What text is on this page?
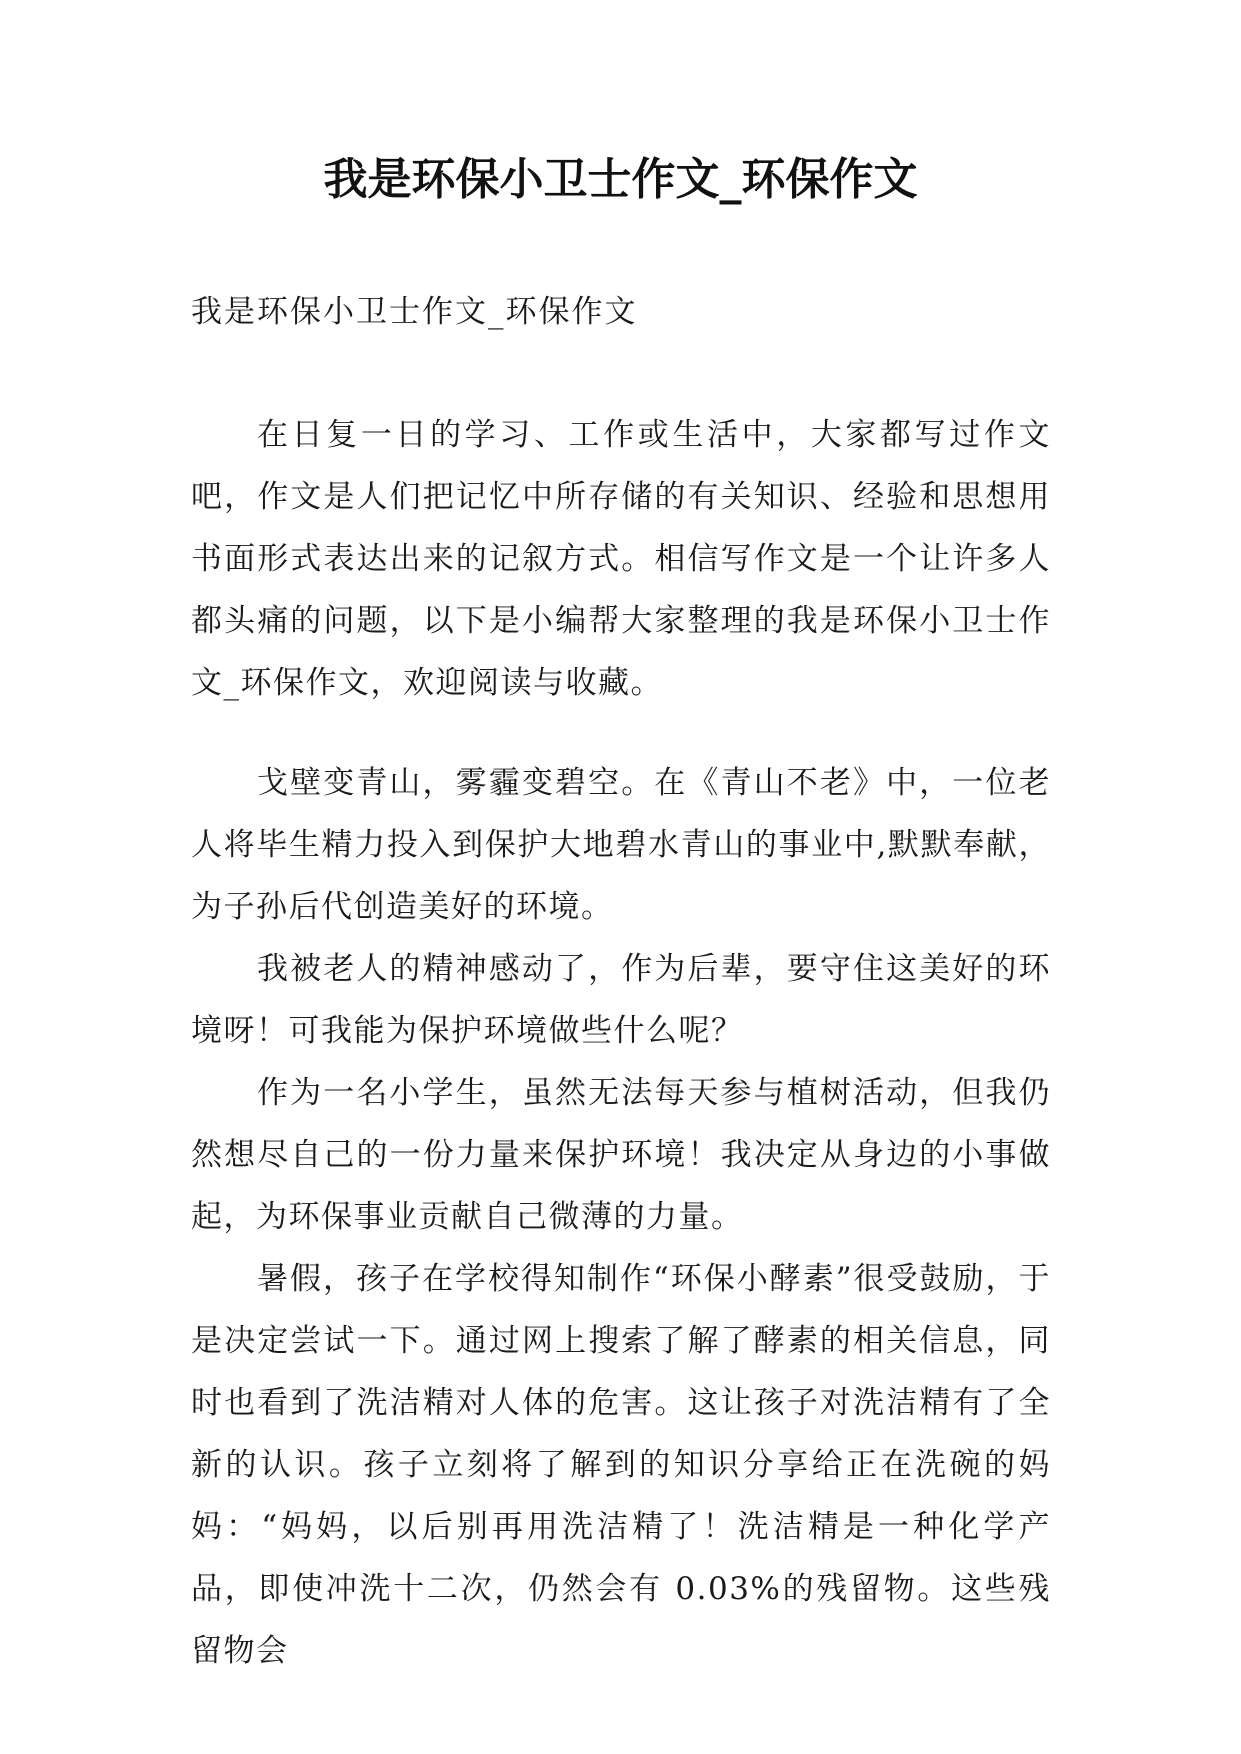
我是环保小卫士作文_环保作文
我是环保小卫士作文_环保作文
在日复一日的学习、工作或生活中，大家都写过作文吧，作文是人们把记忆中所存储的有关知识、经验和思想用书面形式表达出来的记叙方式。相信写作文是一个让许多人都头痛的问题，以下是小编帮大家整理的我是环保小卫士作文_环保作文，欢迎阅读与收藏。

戈壁变青山，雾霾变碧空。在《青山不老》中，一位老人将毕生精力投入到保护大地碧水青山的事业中,默默奉献，为子孙后代创造美好的环境。

我被老人的精神感动了，作为后辈，要守住这美好的环境呀！可我能为保护环境做些什么呢？

作为一名小学生，虽然无法每天参与植树活动，但我仍然想尽自己的一份力量来保护环境！我决定从身边的小事做起，为环保事业贡献自己微薄的力量。

暑假，孩子在学校得知制作“环保小酵素”很受鼓励，于是决定尝试一下。通过网上搜索了解了酵素的相关信息，同时也看到了洗洁精对人体的危害。这让孩子对洗洁精有了全新的认识。孩子立刻将了解到的知识分享给正在洗碗的妈妈：“妈妈，以后别再用洗洁精了！洗洁精是一种化学产品，即使冲洗十二次，仍然会有 0.03%的残留物。这些残留物会
